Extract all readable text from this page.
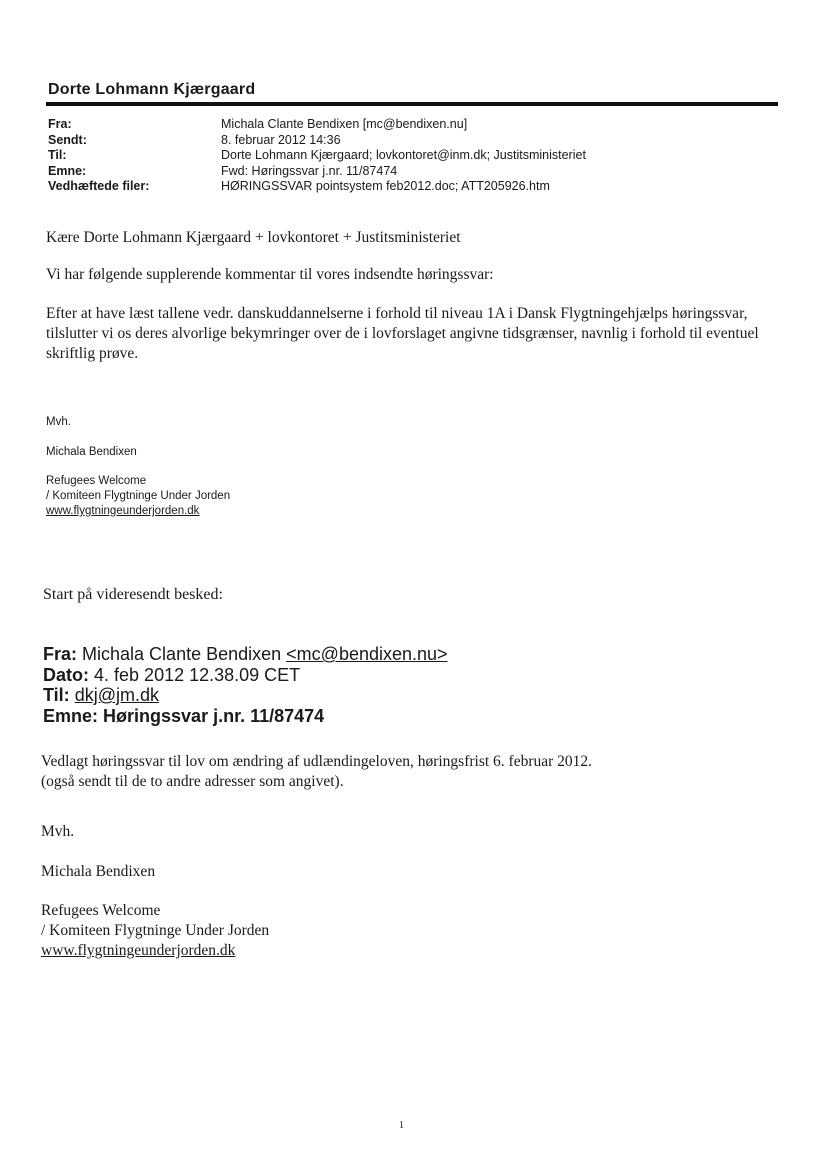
Dorte Lohmann Kjærgaard
Fra:	Michala Clante Bendixen [mc@bendixen.nu]
Sendt:	8. februar 2012 14:36
Til:	Dorte Lohmann Kjærgaard; lovkontoret@inm.dk; Justitsministeriet
Emne:	Fwd: Høringssvar j.nr. 11/87474
Vedhæftede filer:	HØRINGSSVAR pointsystem feb2012.doc; ATT205926.htm
Kære Dorte Lohmann Kjærgaard + lovkontoret + Justitsministeriet
Vi har følgende supplerende kommentar til vores indsendte høringssvar:
Efter at have læst tallene vedr. danskuddannelserne i forhold til niveau 1A i Dansk Flygtningehjælps høringssvar, tilslutter vi os deres alvorlige bekymringer over de i lovforslaget angivne tidsgrænser, navnlig i forhold til eventuel skriftlig prøve.
Mvh.
Michala Bendixen
Refugees Welcome
/ Komiteen Flygtninge Under Jorden
www.flygtningeunderjorden.dk
Start på videresendt besked:
Fra: Michala Clante Bendixen <mc@bendixen.nu>
Dato: 4. feb 2012 12.38.09 CET
Til: dkj@jm.dk
Emne: Høringssvar j.nr. 11/87474
Vedlagt høringssvar til lov om ændring af udlændingeloven, høringsfrist 6. februar 2012.
(også sendt til de to andre adresser som angivet).
Mvh.
Michala Bendixen
Refugees Welcome
/ Komiteen Flygtninge Under Jorden
www.flygtningeunderjorden.dk
1
